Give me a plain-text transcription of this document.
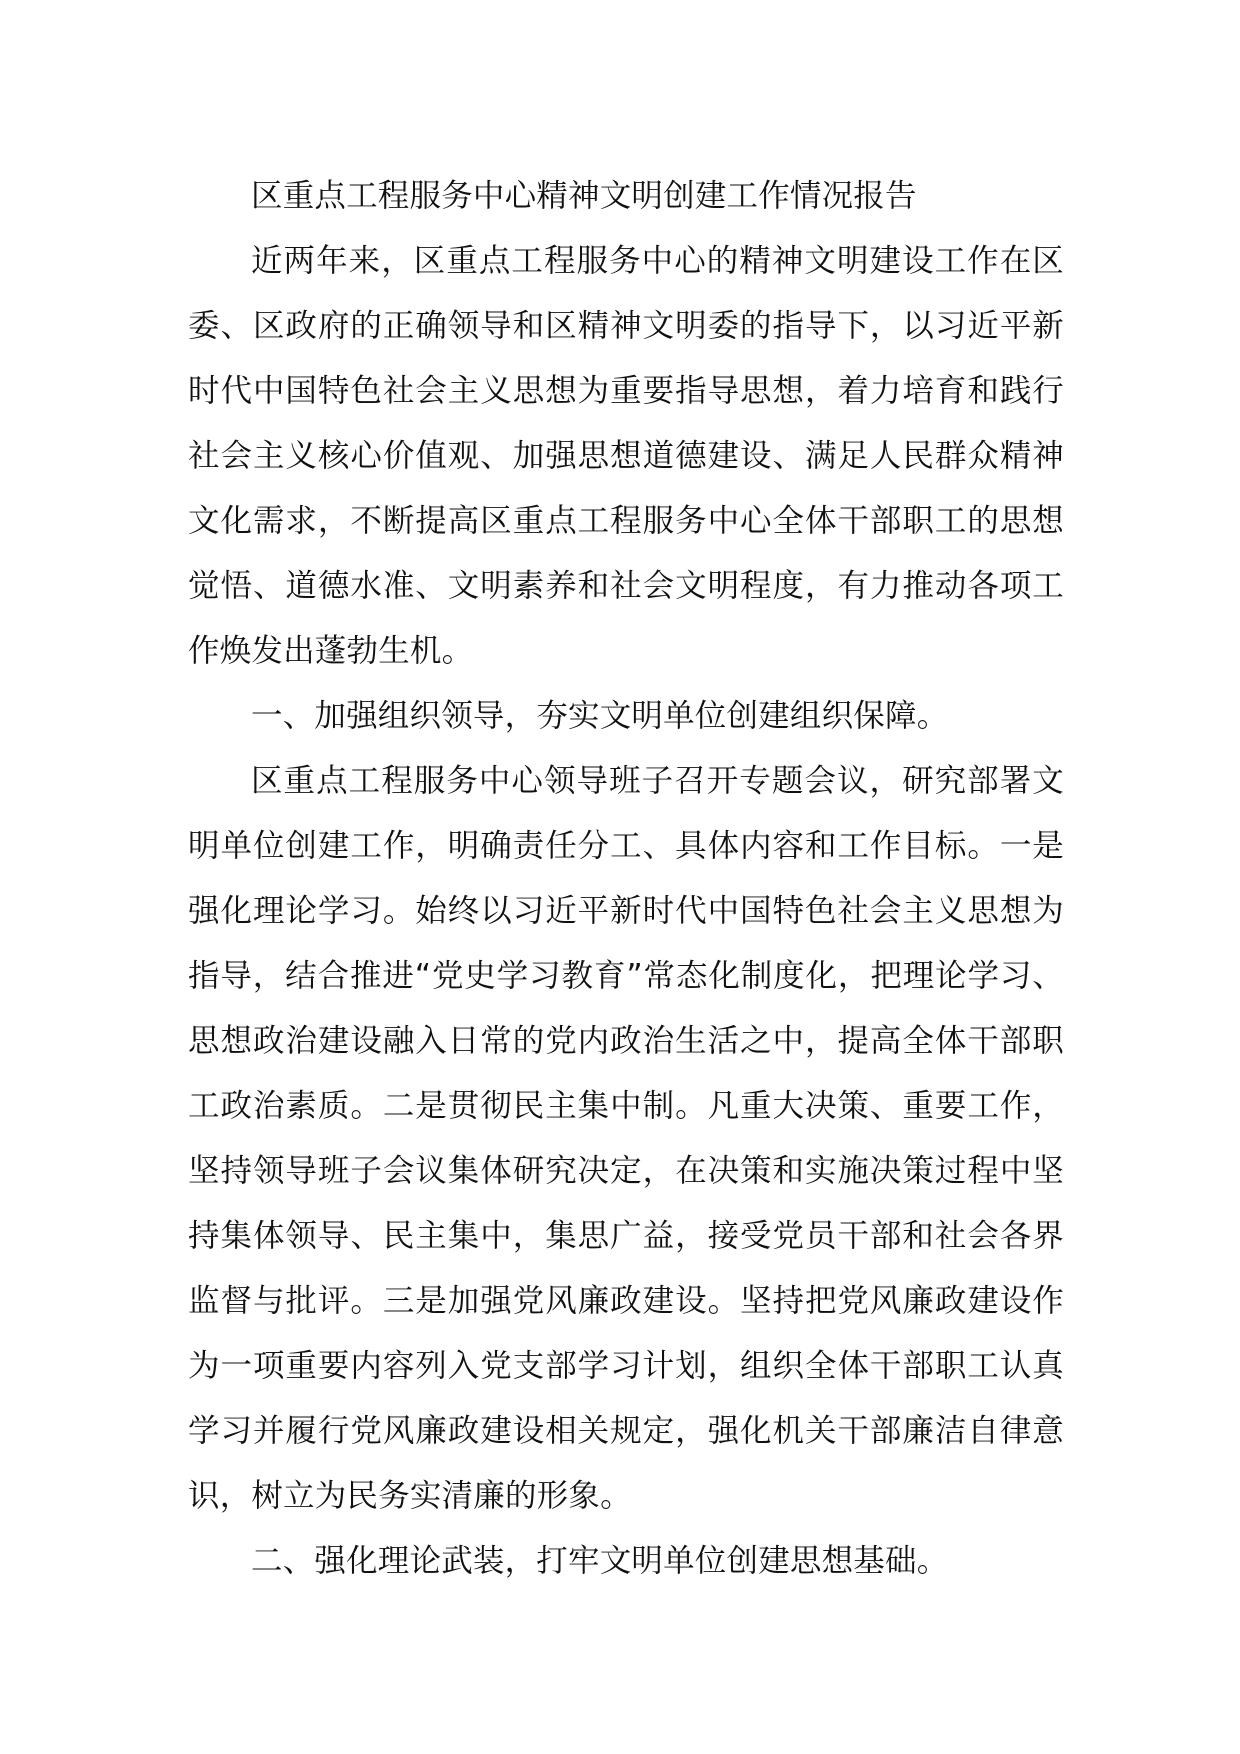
区重点工程服务中心精神文明创建工作情况报告

近两年来，区重点工程服务中心的精神文明建设工作在区委、区政府的正确领导和区精神文明委的指导下，以习近平新时代中国特色社会主义思想为重要指导思想，着力培育和践行社会主义核心价值观、加强思想道德建设、满足人民群众精神文化需求，不断提高区重点工程服务中心全体干部职工的思想觉悟、道德水准、文明素养和社会文明程度，有力推动各项工作焕发出蓬勃生机。

一、加强组织领导，夯实文明单位创建组织保障。

区重点工程服务中心领导班子召开专题会议，研究部署文明单位创建工作，明确责任分工、具体内容和工作目标。一是强化理论学习。始终以习近平新时代中国特色社会主义思想为指导，结合推进“党史学习教育”常态化制度化，把理论学习、思想政治建设融入日常的党内政治生活之中，提高全体干部职工政治素质。二是贯彻民主集中制。凡重大决策、重要工作，坚持领导班子会议集体研究决定，在决策和实施决策过程中坚持集体领导、民主集中，集思广益，接受党员干部和社会各界监督与批评。三是加强党风廉政建设。坚持把党风廉政建设作为一项重要内容列入党支部学习计划，组织全体干部职工认真学习并履行党风廉政建设相关规定，强化机关干部廉洁自律意识，树立为民务实清廉的形象。

二、强化理论武装，打牢文明单位创建思想基础。
